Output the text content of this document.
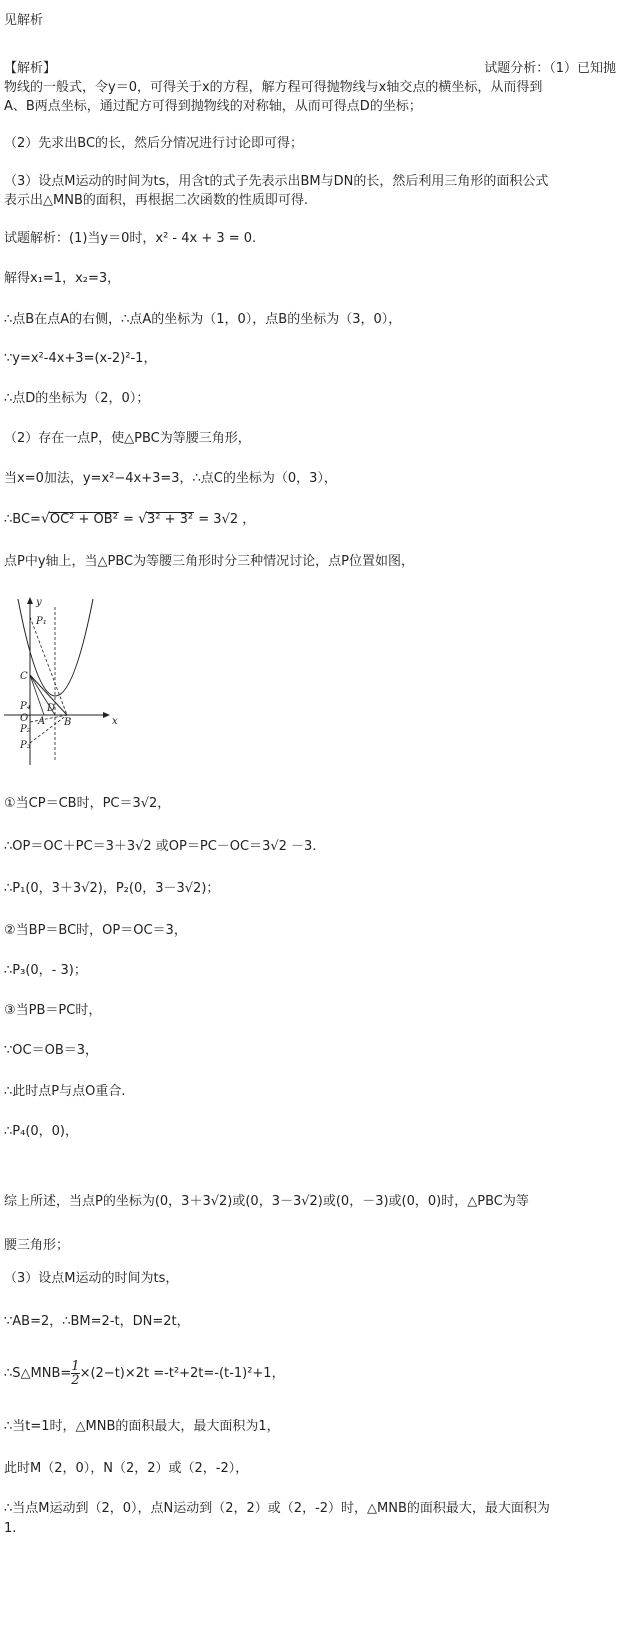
见解析
【解析】	试题分析：（1）已知抛
物线的一般式，令y＝0，可得关于x的方程，解方程可得抛物线与x轴交点的横坐标，从而得到
A、B两点坐标，通过配方可得到抛物线的对称轴，从而可得点D的坐标；
（2）先求出BC的长，然后分情况进行讨论即可得；
（3）设点M运动的时间为ts，用含t的式子先表示出BM与DN的长，然后利用三角形的面积公式
表示出△MNB的面积，再根据二次函数的性质即可得.
试题解析：(1)当y＝0时，x² - 4x + 3 = 0.
解得x₁=1，x₂=3，
∴点B在点A的右侧，∴点A的坐标为（1，0），点B的坐标为（3，0），
∵y=x²-4x+3=(x-2)²-1，
∴点D的坐标为（2，0）；
（2）存在一点P，使△PBC为等腰三角形，
当x=0加法，y=x²−4x+3=3，∴点C的坐标为（0，3），
∴BC=√OC² + OB² = √3² + 3² = 3√2 ，
点P中y轴上，当△PBC为等腰三角形时分三种情况讨论，点P位置如图，
y
x
P₁
C
D
P₄
O A B
P₂
P₃
①当CP＝CB时，PC＝3√2，
∴OP＝OC＋PC＝3＋3√2 或OP＝PC－OC＝3√2 －3.
∴P₁(0，3＋3√2)，P₂(0，3－3√2)；
②当BP＝BC时，OP＝OC＝3，
∴P₃(0，- 3)；
③当PB＝PC时，
∵OC＝OB＝3，
∴此时点P与点O重合.
∴P₄(0，0)，
综上所述，当点P的坐标为(0，3＋3√2)或(0，3－3√2)或(0，－3)或(0，0)时，△PBC为等
腰三角形；
（3）设点M运动的时间为ts，
∵AB=2，∴BM=2-t，DN=2t，
∴S△MNB= $\frac{1}{2} \times(2-t)\times 2t =-t^2+2t=-(t-1)^2+1$，
∴当t=1时，△MNB的面积最大，最大面积为1，
此时M（2，0），N（2，2）或（2，-2），
∴当点M运动到（2，0），点N运动到（2，2）或（2，-2）时，△MNB的面积最大，最大面积为
1.
